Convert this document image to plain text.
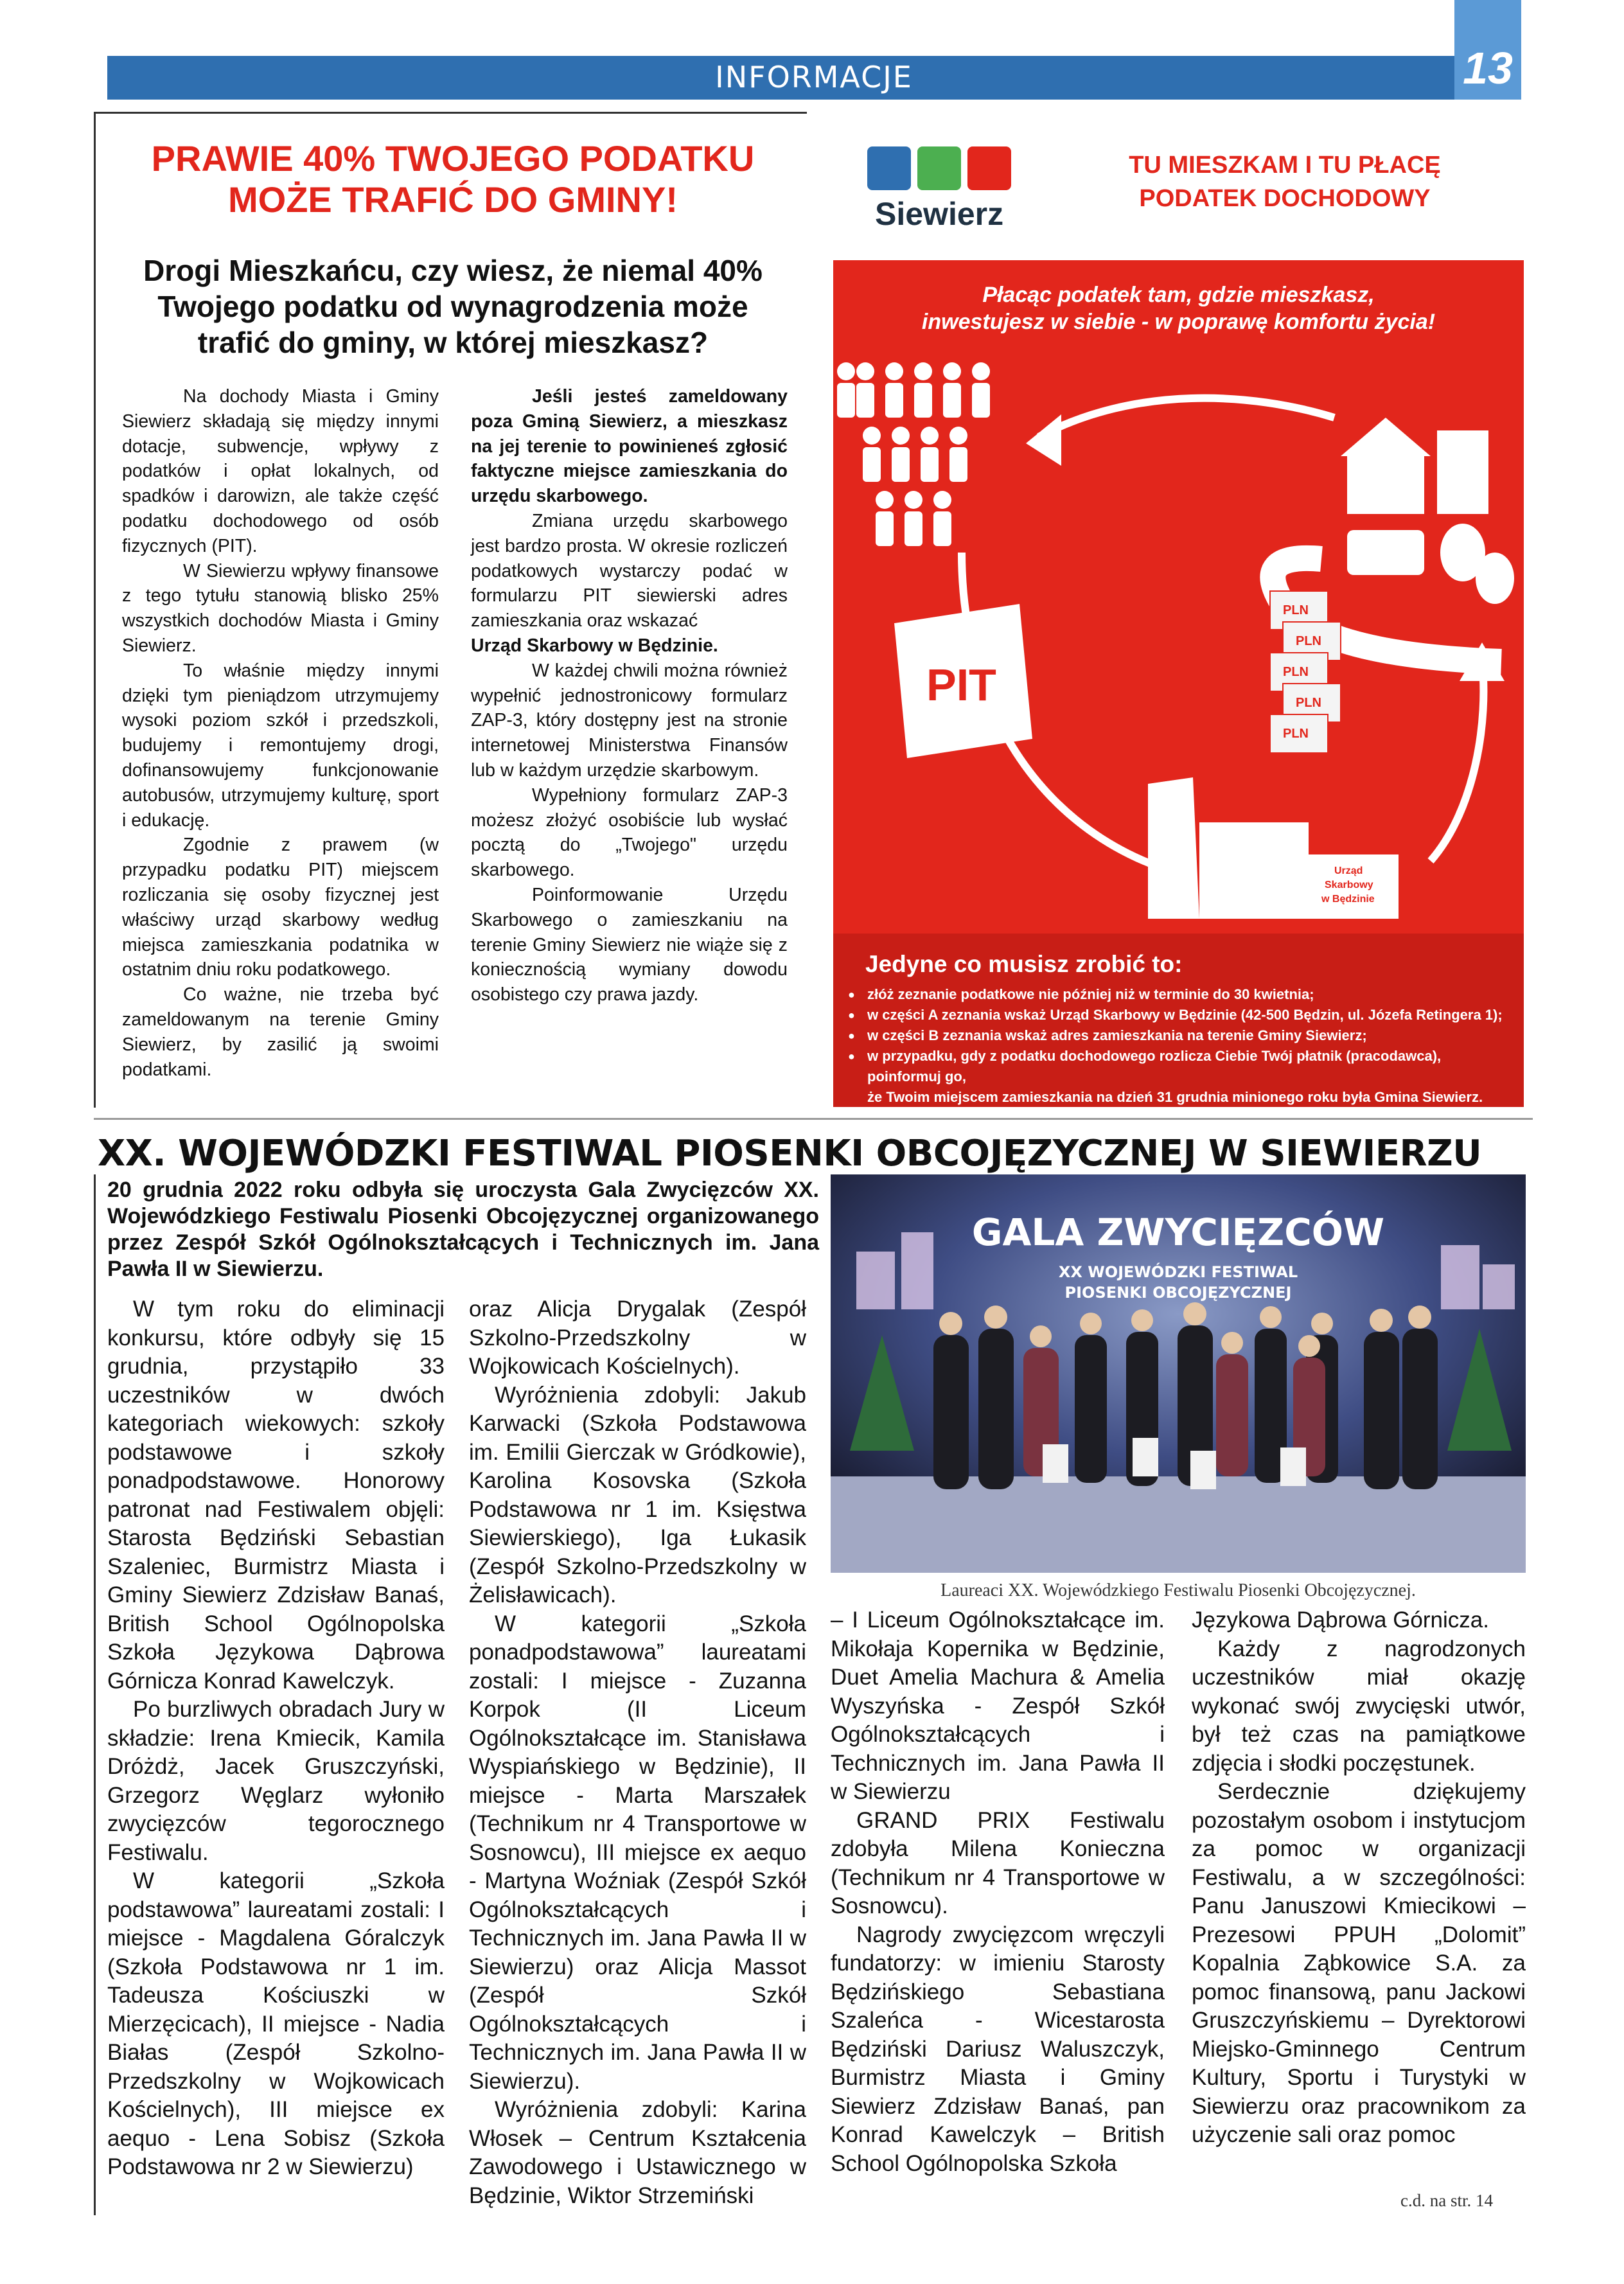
INFORMACJE	13
PRAWIE 40% TWOJEGO PODATKU
MOŻE TRAFIĆ DO GMINY!
Drogi Mieszkańcu, czy wiesz, że niemal 40%
Twojego podatku od wynagrodzenia może
trafić do gminy, w której mieszkasz?

Na dochody Miasta i Gminy Siewierz składają się między innymi dotacje, subwencje, wpływy z podatków i opłat lokalnych, od spadków i darowizn, ale także część podatku dochodowego od osób fizycznych (PIT).

W Siewierzu wpływy finansowe z tego tytułu stanowią blisko 25% wszystkich dochodów Miasta i Gminy Siewierz.

To właśnie między innymi dzięki tym pieniądzom utrzymujemy wysoki poziom szkół i przedszkoli, budujemy i remontujemy drogi, dofinansowujemy funkcjonowanie autobusów, utrzymujemy kulturę, sport i edukację.

Zgodnie z prawem (w przypadku podatku PIT) miejscem rozliczania się osoby fizycznej jest właściwy urząd skarbowy według miejsca zamieszkania podatnika w ostatnim dniu roku podatkowego.

Co ważne, nie trzeba być zameldowanym na terenie Gminy Siewierz, by zasilić ją swoimi podatkami.

Jeśli jesteś zameldowany poza Gminą Siewierz, a mieszkasz na jej terenie to powinieneś zgłosić faktyczne miejsce zamieszkania do urzędu skarbowego.

Zmiana urzędu skarbowego jest bardzo prosta. W okresie rozliczeń podatkowych wystarczy podać w formularzu PIT siewierski adres zamieszkania oraz wskazać

Urząd Skarbowy w Będzinie.

W każdej chwili można również wypełnić jednostronicowy formularz ZAP-3, który dostępny jest na stronie internetowej Ministerstwa Finansów lub w każdym urzędzie skarbowym.

Wypełniony formularz ZAP-3 możesz złożyć osobiście lub wysłać pocztą do „Twojego" urzędu skarbowego.

Poinformowanie Urzędu Skarbowego o zamieszkaniu na terenie Gminy Siewierz nie wiąże się z koniecznością wymiany dowodu osobistego czy prawa jazdy.

Siewierz
TU MIESZKAM I TU PŁACĘ
PODATEK DOCHODOWY
Płacąc podatek tam, gdzie mieszkasz,
inwestujesz w siebie - w poprawę komfortu życia!
PIT
PLN
PLN
PLN
PLN
PLN
Urząd
Skarbowy
w Będzinie
Jedyne co musisz zrobić to:
● złóż zeznanie podatkowe nie później niż w terminie do 30 kwietnia;
● w części A zeznania wskaż Urząd Skarbowy w Będzinie (42-500 Będzin, ul. Józefa Retingera 1);
● w części B zeznania wskaż adres zamieszkania na terenie Gminy Siewierz;
● w przypadku, gdy z podatku dochodowego rozlicza Ciebie Twój płatnik (pracodawca), poinformuj go,
że Twoim miejscem zamieszkania na dzień 31 grudnia minionego roku była Gmina Siewierz.
XX. WOJEWÓDZKI FESTIWAL PIOSENKI OBCOJĘZYCZNEJ W SIEWIERZU
20 grudnia 2022 roku odbyła się uroczysta Gala Zwycięzców XX. Wojewódzkiego Festiwalu Piosenki Obcojęzycznej organizowanego przez Zespół Szkół Ogólnokształcących i Technicznych im. Jana Pawła II w Siewierzu.

W tym roku do eliminacji konkursu, które odbyły się 15 grudnia, przystąpiło 33 uczestników w dwóch kategoriach wiekowych: szkoły podstawowe i szkoły ponadpodstawowe. Honorowy patronat nad Festiwalem objęli: Starosta Będziński Sebastian Szaleniec, Burmistrz Miasta i Gminy Siewierz Zdzisław Banaś, British School Ogólnopolska Szkoła Językowa Dąbrowa Górnicza Konrad Kawelczyk.

Po burzliwych obradach Jury w składzie: Irena Kmiecik, Kamila Dróżdż, Jacek Gruszczyński, Grzegorz Węglarz wyłoniło zwycięzców tegorocznego Festiwalu.

W kategorii „Szkoła podstawowa” laureatami zostali: I miejsce - Magdalena Góralczyk (Szkoła Podstawowa nr 1 im. Tadeusza Kościuszki w Mierzęcicach), II miejsce - Nadia Białas (Zespół Szkolno-Przedszkolny w Wojkowicach Kościelnych), III miejsce ex aequo - Lena Sobisz (Szkoła Podstawowa nr 2 w Siewierzu)

oraz Alicja Drygalak (Zespół Szkolno-Przedszkolny w Wojkowicach Kościelnych).

Wyróżnienia zdobyli: Jakub Karwacki (Szkoła Podstawowa im. Emilii Gierczak w Gródkowie), Karolina Kosovska (Szkoła Podstawowa nr 1 im. Księstwa Siewierskiego), Iga Łukasik (Zespół Szkolno-Przedszkolny w Żelisławicach).

W kategorii „Szkoła ponadpodstawowa” laureatami zostali: I miejsce - Zuzanna Korpok (II Liceum Ogólnokształcące im. Stanisława Wyspiańskiego w Będzinie), II miejsce - Marta Marszałek (Technikum nr 4 Transportowe w Sosnowcu), III miejsce ex aequo - Martyna Woźniak (Zespół Szkół Ogólnokształcących i Technicznych im. Jana Pawła II w Siewierzu) oraz Alicja Massot (Zespół Szkół Ogólnokształcących i Technicznych im. Jana Pawła II w Siewierzu).

Wyróżnienia zdobyli: Karina Włosek – Centrum Kształcenia Zawodowego i Ustawicznego w Będzinie, Wiktor Strzemiński

GALA ZWYCIĘZCÓW
XX WOJEWÓDZKI FESTIWAL
PIOSENKI OBCOJĘZYCZNEJ
Laureaci XX. Wojewódzkiego Festiwalu Piosenki Obcojęzycznej.

– I Liceum Ogólnokształcące im. Mikołaja Kopernika w Będzinie, Duet Amelia Machura & Amelia Wyszyńska - Zespół Szkół Ogólnokształcących i Technicznych im. Jana Pawła II w Siewierzu

GRAND PRIX Festiwalu zdobyła Milena Konieczna (Technikum nr 4 Transportowe w Sosnowcu).

Nagrody zwycięzcom wręczyli fundatorzy: w imieniu Starosty Będzińskiego Sebastiana Szaleńca - Wicestarosta Będziński Dariusz Waluszczyk, Burmistrz Miasta i Gminy Siewierz Zdzisław Banaś, pan Konrad Kawelczyk – British School Ogólnopolska Szkoła

Językowa Dąbrowa Górnicza.

Każdy z nagrodzonych uczestników miał okazję wykonać swój zwycięski utwór, był też czas na pamiątkowe zdjęcia i słodki poczęstunek.

Serdecznie dziękujemy pozostałym osobom i instytucjom za pomoc w organizacji Festiwalu, a w szczególności: Panu Januszowi Kmiecikowi – Prezesowi PPUH „Dolomit” Kopalnia Ząbkowice S.A. za pomoc finansową, panu Jackowi Gruszczyńskiemu – Dyrektorowi Miejsko-Gminnego Centrum Kultury, Sportu i Turystyki w Siewierzu oraz pracownikom za użyczenie sali oraz pomoc

c.d. na str. 14
